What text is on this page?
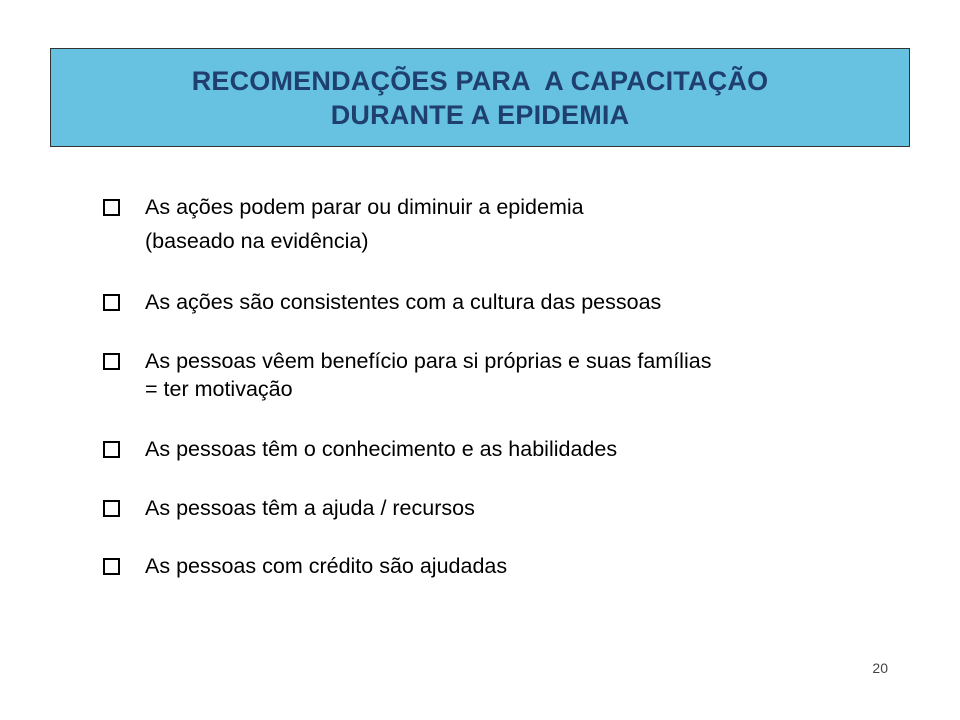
RECOMENDAÇÕES PARA  A CAPACITAÇÃO
DURANTE A EPIDEMIA
As ações podem parar ou diminuir a epidemia
(baseado na evidência)
As ações são consistentes com a cultura das pessoas
As pessoas vêem benefício para si próprias e suas famílias
= ter motivação
As pessoas têm o conhecimento e as habilidades
As pessoas têm a ajuda / recursos
As pessoas com crédito são ajudadas
20
